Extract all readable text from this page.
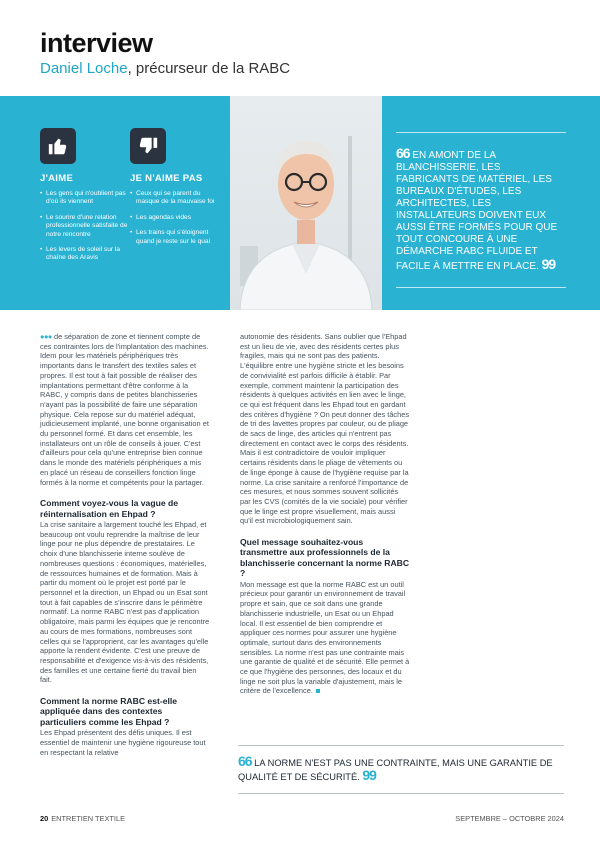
interview
Daniel Loche, précurseur de la RABC
J'AIME
• Les gens qui n'oublient pas d'où ils viennent
• Le sourire d'une relation professionnelle satisfaite de notre rencontre
• Les levers de soleil sur la chaîne des Aravis
JE N'AIME PAS
• Ceux qui se parent du masque de la mauvaise foi
• Les agendas vides
• Les trains qui s'éloignent quand je reste sur le quai

66 EN AMONT DE LA BLANCHISSERIE, LES FABRICANTS DE MATÉRIEL, LES BUREAUX D'ÉTUDES, LES ARCHITECTES, LES INSTALLATEURS DOIVENT EUX AUSSI ÊTRE FORMÉS POUR QUE TOUT CONCOURE À UNE DÉMARCHE RABC FLUIDE ET FACILE À METTRE EN PLACE. 99

●●● de séparation de zone et tiennent compte de ces contraintes lors de l'implantation des machines. Idem pour les matériels périphériques très importants dans le transfert des textiles sales et propres. Il est tout à fait possible de réaliser des implantations permettant d'être conforme à la RABC, y compris dans de petites blanchisseries n'ayant pas la possibilité de faire une séparation physique. Cela repose sur du matériel adéquat, judicieusement implanté, une bonne organisation et du personnel formé. Et dans cet ensemble, les installateurs ont un rôle de conseils à jouer. C'est d'ailleurs pour cela qu'une entreprise bien connue dans le monde des matériels périphériques a mis en placé un réseau de conseillers fonction linge formés à la norme et compétents pour la partager.

Comment voyez-vous la vague de réinternalisation en Ehpad ?

La crise sanitaire a largement touché les Ehpad, et beaucoup ont voulu reprendre la maîtrise de leur linge pour ne plus dépendre de prestataires. Le choix d'une blanchisserie interne soulève de nombreuses questions : économiques, matérielles, de ressources humaines et de formation. Mais à partir du moment où le projet est porté par le personnel et la direction, un Ehpad ou un Esat sont tout à fait capables de s'inscrire dans le périmètre normatif. La norme RABC n'est pas d'application obligatoire, mais parmi les équipes que je rencontre au cours de mes formations, nombreuses sont celles qui se l'approprient, car les avantages qu'elle apporte la rendent évidente. C'est une preuve de responsabilité et d'exigence vis-à-vis des résidents, des familles et une certaine fierté du travail bien fait.

Comment la norme RABC est-elle appliquée dans des contextes particuliers comme les Ehpad ?

Les Ehpad présentent des défis uniques. Il est essentiel de maintenir une hygiène rigoureuse tout en respectant la relative

autonomie des résidents. Sans oublier que l'Ehpad est un lieu de vie, avec des résidents certes plus fragiles, mais qui ne sont pas des patients. L'équilibre entre une hygiène stricte et les besoins de convivialité est parfois difficile à établir. Par exemple, comment maintenir la participation des résidents à quelques activités en lien avec le linge, ce qui est fréquent dans les Ehpad tout en gardant des critères d'hygiène ? On peut donner des tâches de tri des lavettes propres par couleur, ou de pliage de sacs de linge, des articles qui n'entrent pas directement en contact avec le corps des résidents. Mais il est contradictoire de vouloir impliquer certains résidents dans le pliage de vêtements ou de linge éponge à cause de l'hygiène requise par la norme. La crise sanitaire a renforcé l'importance de ces mesures, et nous sommes souvent sollicités par les CVS (comités de la vie sociale) pour vérifier que le linge est propre visuellement, mais aussi qu'il est microbiologiquement sain.

Quel message souhaitez-vous transmettre aux professionnels de la blanchisserie concernant la norme RABC ?

Mon message est que la norme RABC est un outil précieux pour garantir un environnement de travail propre et sain, que ce soit dans une grande blanchisserie industrielle, un Esat ou un Ehpad local. Il est essentiel de bien comprendre et appliquer ces normes pour assurer une hygiène optimale, surtout dans des environnements sensibles. La norme n'est pas une contrainte mais une garantie de qualité et de sécurité. Elle permet à ce que l'hygiène des personnes, des locaux et du linge ne soit plus la variable d'ajustement, mais le critère de l'excellence.

66 LA NORME N'EST PAS UNE CONTRAINTE, MAIS UNE GARANTIE DE QUALITÉ ET DE SÉCURITÉ. 99

20 ENTRETIEN TEXTILE	SEPTEMBRE – OCTOBRE 2024
